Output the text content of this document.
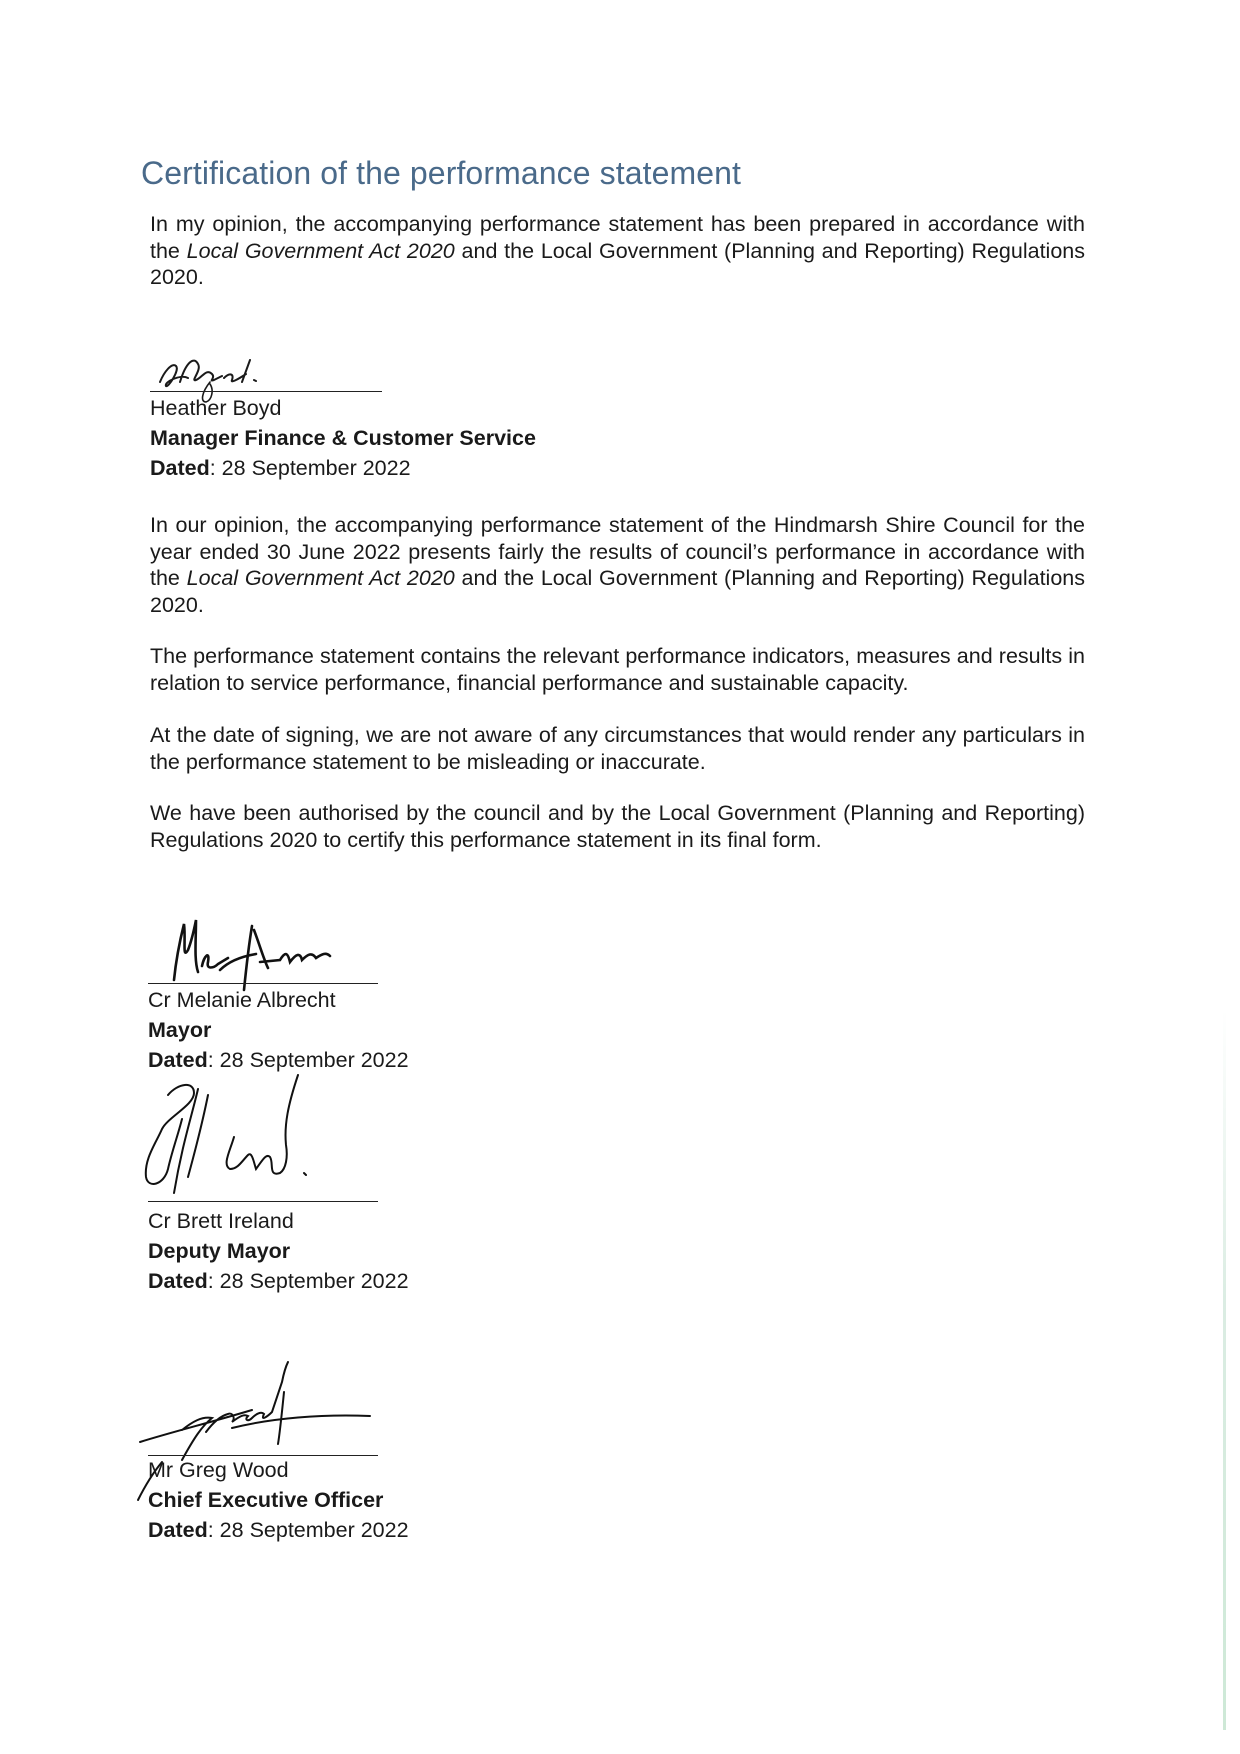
Certification of the performance statement

In my opinion, the accompanying performance statement has been prepared in accordance with the Local Government Act 2020 and the Local Government (Planning and Reporting) Regulations 2020.

Heather Boyd
Manager Finance & Customer Service
Dated: 28 September 2022

In our opinion, the accompanying performance statement of the Hindmarsh Shire Council for the year ended 30 June 2022 presents fairly the results of council’s performance in accordance with the Local Government Act 2020 and the Local Government (Planning and Reporting) Regulations 2020.

The performance statement contains the relevant performance indicators, measures and results in relation to service performance, financial performance and sustainable capacity.

At the date of signing, we are not aware of any circumstances that would render any particulars in the performance statement to be misleading or inaccurate.

We have been authorised by the council and by the Local Government (Planning and Reporting) Regulations 2020 to certify this performance statement in its final form.

Cr Melanie Albrecht
Mayor
Dated: 28 September 2022
Cr Brett Ireland
Deputy Mayor
Dated: 28 September 2022
Mr Greg Wood
Chief Executive Officer
Dated: 28 September 2022
